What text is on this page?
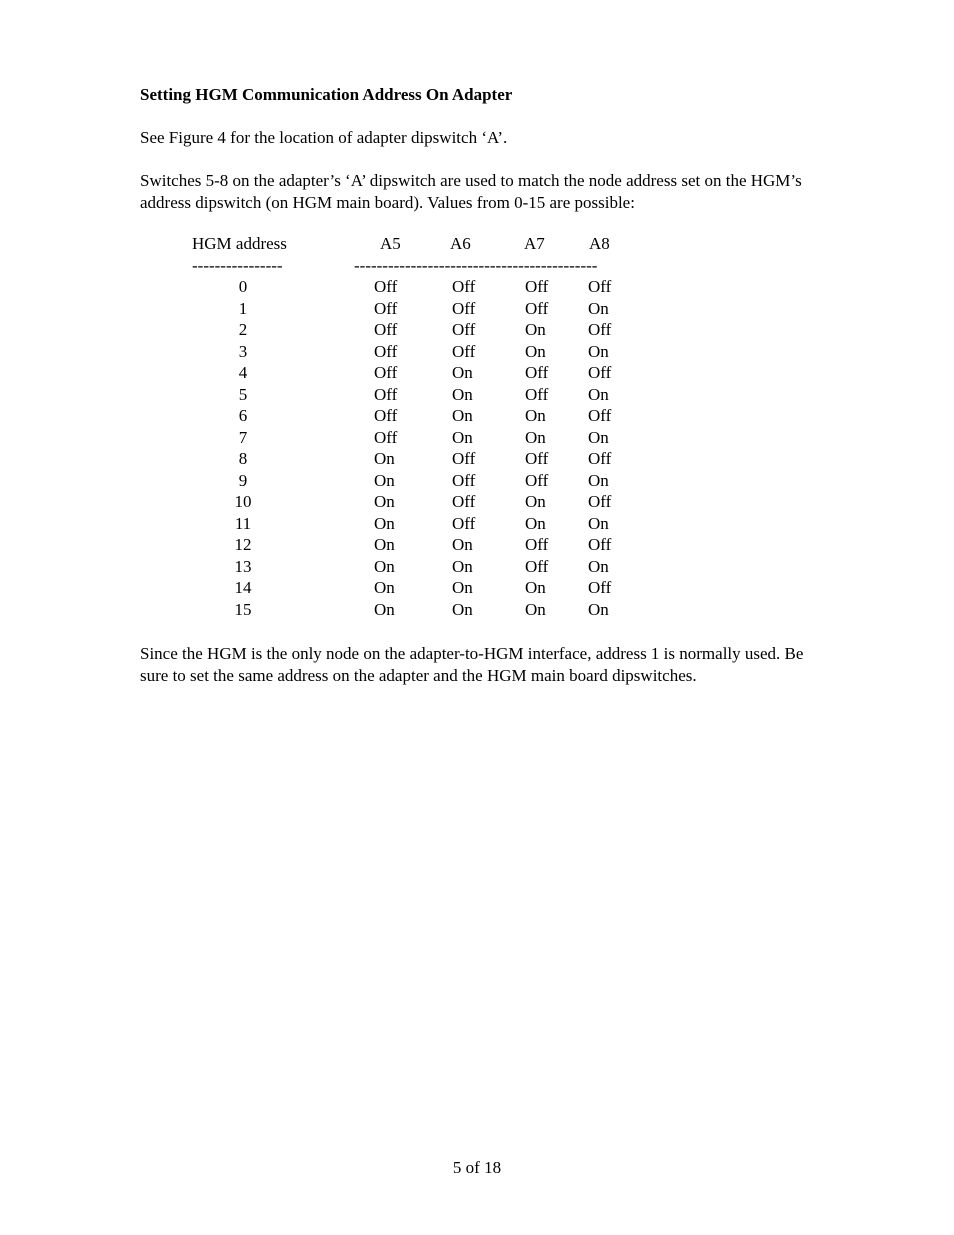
Setting HGM Communication Address On Adapter
See Figure 4 for the location of adapter dipswitch ‘A’.
Switches 5-8 on the adapter’s ‘A’ dipswitch are used to match the node address set on the HGM’s address dipswitch (on HGM main board). Values from 0-15 are possible:
HGM address	A5	A6	A7	A8
----------------	-------------------------------------------
0	Off	Off	Off Off
1	Off	Off	Off On
2	Off	Off	On Off
3	Off	Off	On On
4	Off	On	Off Off
5	Off	On	Off On
6	Off	On	On Off
7	Off	On	On On
8	On	Off	Off Off
9	On	Off	Off On
10	On	Off	On Off
11	On	Off	On On
12	On	On	Off Off
13	On	On	Off On
14	On	On	On Off
15	On	On	On On
Since the HGM is the only node on the adapter-to-HGM interface, address 1 is normally used. Be sure to set the same address on the adapter and the HGM main board dipswitches.
5 of 18
